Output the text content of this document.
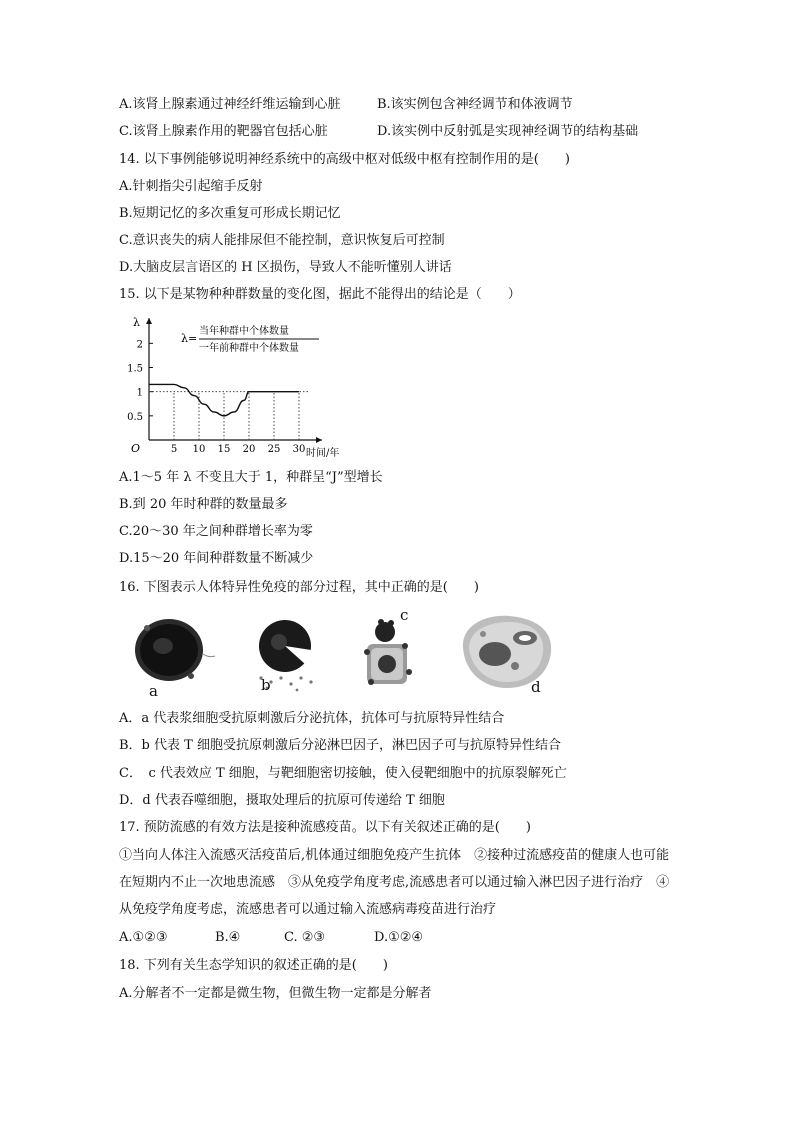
A.该肾上腺素通过神经纤维运输到心脏	B.该实例包含神经调节和体液调节
C.该肾上腺素作用的靶器官包括心脏	D.该实例中反射弧是实现神经调节的结构基础
14. 以下事例能够说明神经系统中的高级中枢对低级中枢有控制作用的是(　　)
A.针刺指尖引起缩手反射
B.短期记忆的多次重复可形成长期记忆
C.意识丧失的病人能排尿但不能控制，意识恢复后可控制
D.大脑皮层言语区的 H 区损伤，导致人不能听懂别人讲话
15. 以下是某物种种群数量的变化图，据此不能得出的结论是（　　）
λ
O	时间/年
0.5
1
1.5
2
5 10 15 20 25 30
λ=
当年种群中个体数量
一年前种群中个体数量
A.1～5 年 λ 不变且大于 1，种群呈“J”型增长
B.到 20 年时种群的数量最多
C.20～30 年之间种群增长率为零
D.15～20 年间种群数量不断减少
16. 下图表示人体特异性免疫的部分过程，其中正确的是(　　)
a	b
c
d
A．a 代表浆细胞受抗原刺激后分泌抗体，抗体可与抗原特异性结合
B．b 代表 T 细胞受抗原刺激后分泌淋巴因子，淋巴因子可与抗原特异性结合
C．　c 代表效应 T 细胞，与靶细胞密切接触，使入侵靶细胞中的抗原裂解死亡
D．d 代表吞噬细胞，摄取处理后的抗原可传递给 T 细胞
17. 预防流感的有效方法是接种流感疫苗。以下有关叙述正确的是(　　)
①当向人体注入流感灭活疫苗后,机体通过细胞免疫产生抗体　②接种过流感疫苗的健康人也可能在短期内不止一次地患流感　③从免疫学角度考虑,流感患者可以通过输入淋巴因子进行治疗　④从免疫学角度考虑，流感患者可以通过输入流感病毒疫苗进行治疗
A.①②③	B.④	C. ②③	D.①②④
18. 下列有关生态学知识的叙述正确的是(　　)
A.分解者不一定都是微生物，但微生物一定都是分解者
